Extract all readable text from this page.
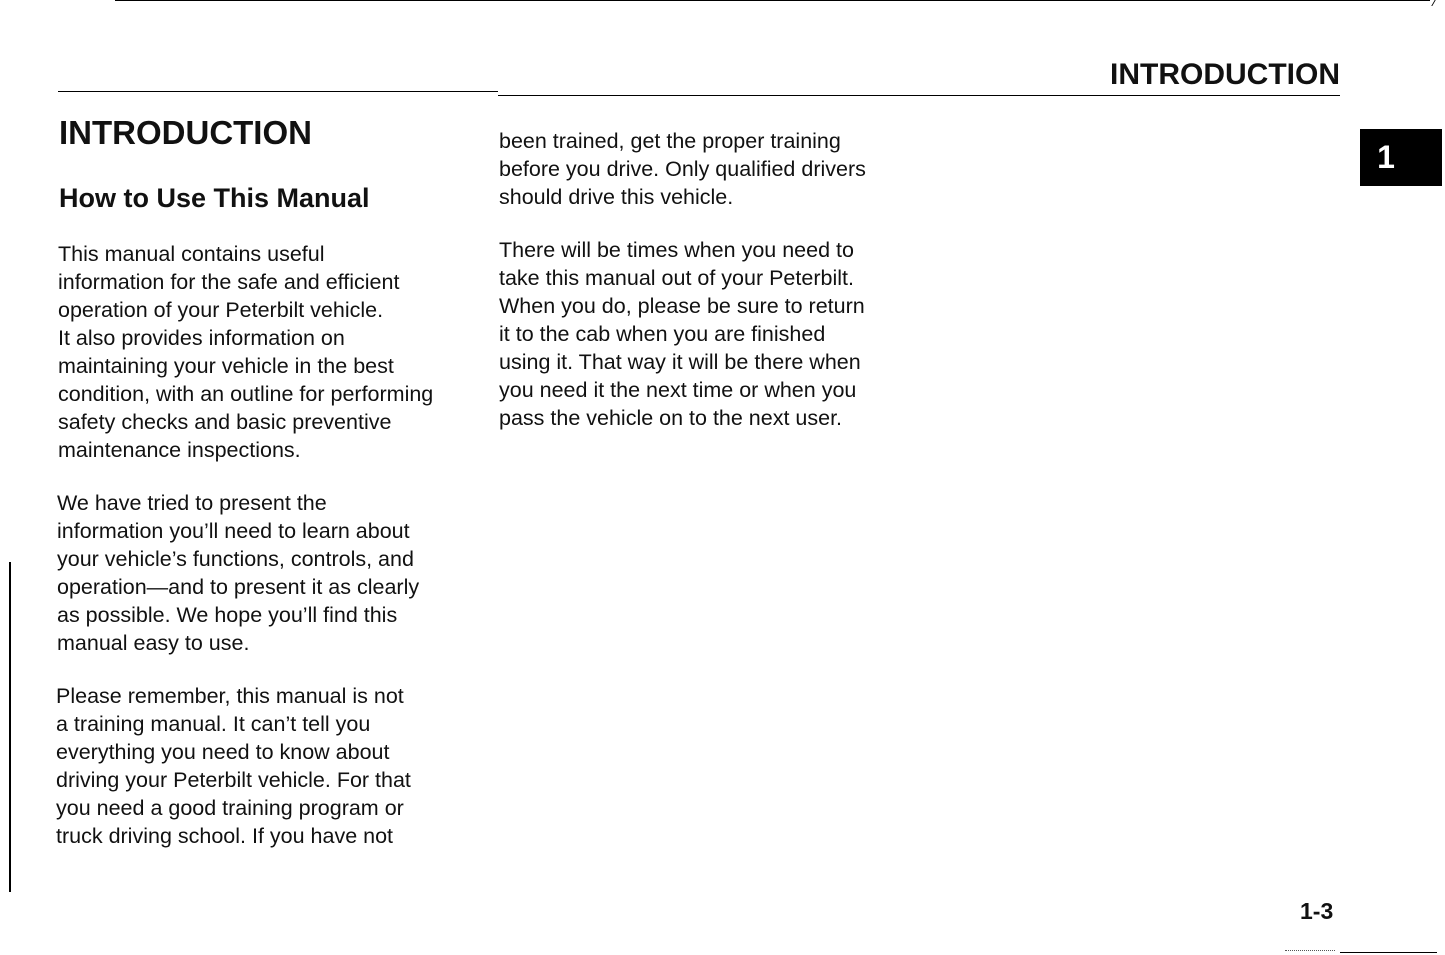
INTRODUCTION
1
INTRODUCTION
How to Use This Manual

This manual contains useful
information for the safe and efficient
operation of your Peterbilt vehicle.
It also provides information on
maintaining your vehicle in the best
condition, with an outline for performing
safety checks and basic preventive
maintenance inspections.

We have tried to present the
information you’ll need to learn about
your vehicle’s functions, controls, and
operation—and to present it as clearly
as possible. We hope you’ll find this
manual easy to use.

Please remember, this manual is not
a training manual. It can’t tell you
everything you need to know about
driving your Peterbilt vehicle. For that
you need a good training program or
truck driving school. If you have not

been trained, get the proper training
before you drive. Only qualified drivers
should drive this vehicle.

There will be times when you need to
take this manual out of your Peterbilt.
When you do, please be sure to return
it to the cab when you are finished
using it. That way it will be there when
you need it the next time or when you
pass the vehicle on to the next user.

1-3
